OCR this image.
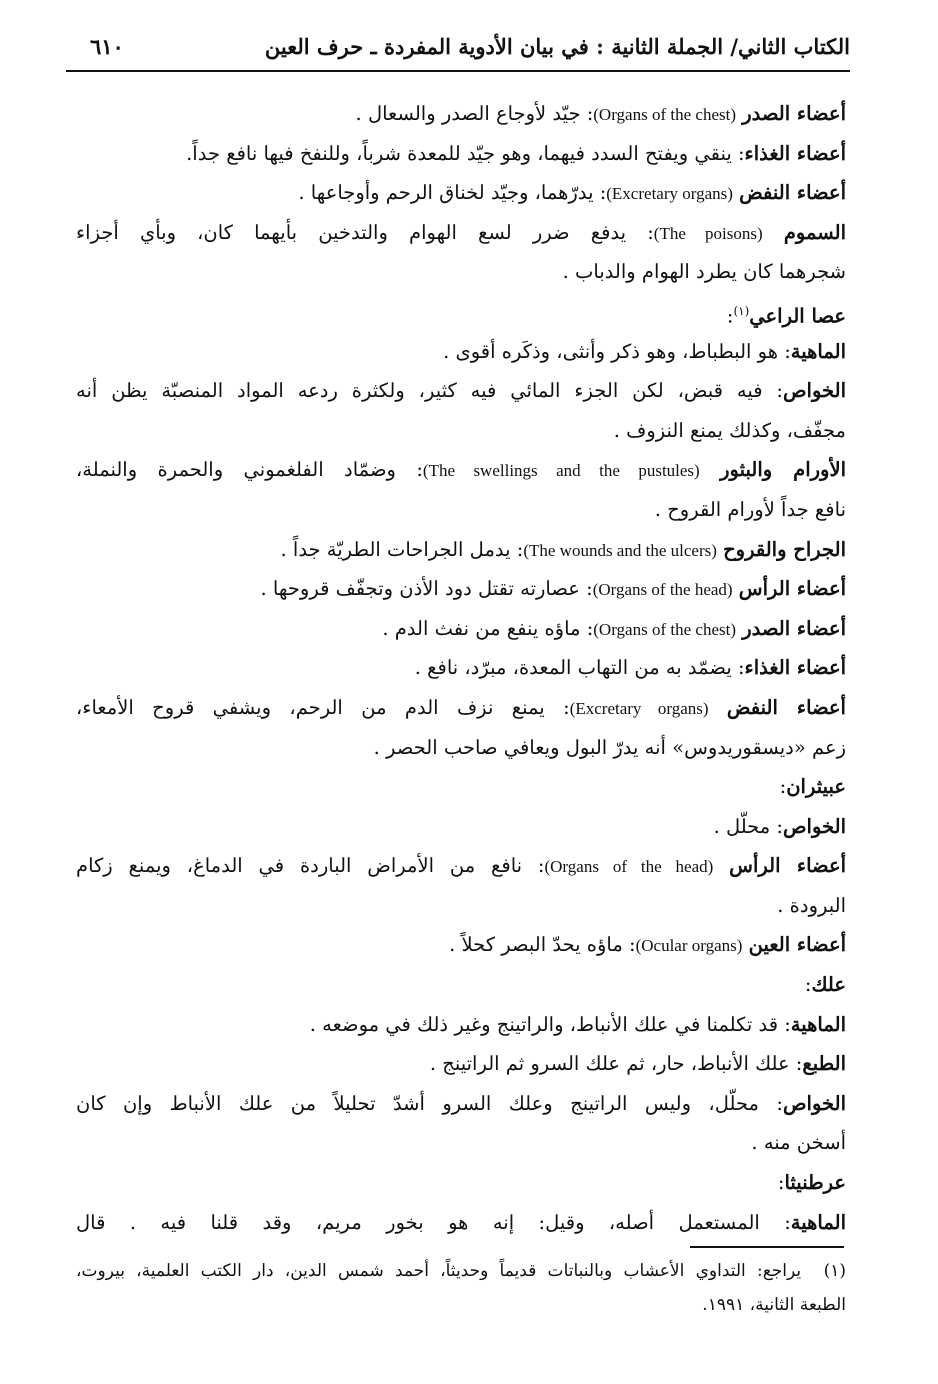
الكتاب الثاني/ الجملة الثانية : في بيان الأدوية المفردة ـ حرف العين
٦١٠
أعضاء الصدر (Organs of the chest): جيّد لأوجاع الصدر والسعال .
أعضاء الغذاء: ينقي ويفتح السدد فيهما، وهو جيّد للمعدة شرباً، وللنفخ فيها نافع جداً.
أعضاء النفض (Excretary organs): يدرّهما، وجيّد لخناق الرحم وأوجاعها .
السموم (The poisons): يدفع ضرر لسع الهوام والتدخين بأيهما كان، وبأي أجزاء
شجرهما كان يطرد الهوام والدباب .
عصا الراعي$^{(١)}$:
الماهية: هو البطباط، وهو ذكر وأنثى، وذكَره أقوى .
الخواص: فيه قبض، لكن الجزء المائي فيه كثير، ولكثرة ردعه المواد المنصبّة يظن أنه
مجفّف، وكذلك يمنع النزوف .
الأورام والبثور (The swellings and the pustules): وضمّاد الفلغموني والحمرة والنملة،
نافع جداً لأورام القروح .
الجراح والقروح (The wounds and the ulcers): يدمل الجراحات الطريّة جداً .
أعضاء الرأس (Organs of the head): عصارته تقتل دود الأذن وتجفّف قروحها .
أعضاء الصدر (Organs of the chest): ماؤه ينفع من نفث الدم .
أعضاء الغذاء: يضمّد به من التهاب المعدة، مبرّد، نافع .
أعضاء النفض (Excretary organs): يمنع نزف الدم من الرحم، ويشفي قروح الأمعاء،
زعم «ديسقوريدوس» أنه يدرّ البول ويعافي صاحب الحصر .
عبيثران:
الخواص: محلّل .
أعضاء الرأس (Organs of the head): نافع من الأمراض الباردة في الدماغ، ويمنع زكام
البرودة .
أعضاء العين (Ocular organs): ماؤه يحدّ البصر كحلاً .
علك:
الماهية: قد تكلمنا في علك الأنباط، والراتينج وغير ذلك في موضعه .
الطبع: علك الأنباط، حار، ثم علك السرو ثم الراتينج .
الخواص: محلّل، وليس الراتينج وعلك السرو أشدّ تحليلاً من علك الأنباط وإن كان
أسخن منه .
عرطنيثا:
الماهية: المستعمل أصله، وقيل: إنه هو بخور مريم، وقد قلنا فيه . قال
(١)  يراجع: التداوي الأعشاب وبالنباتات قديماً وحديثاً، أحمد شمس الدين، دار الكتب العلمية، بيروت،
الطبعة الثانية، ١٩٩١.
